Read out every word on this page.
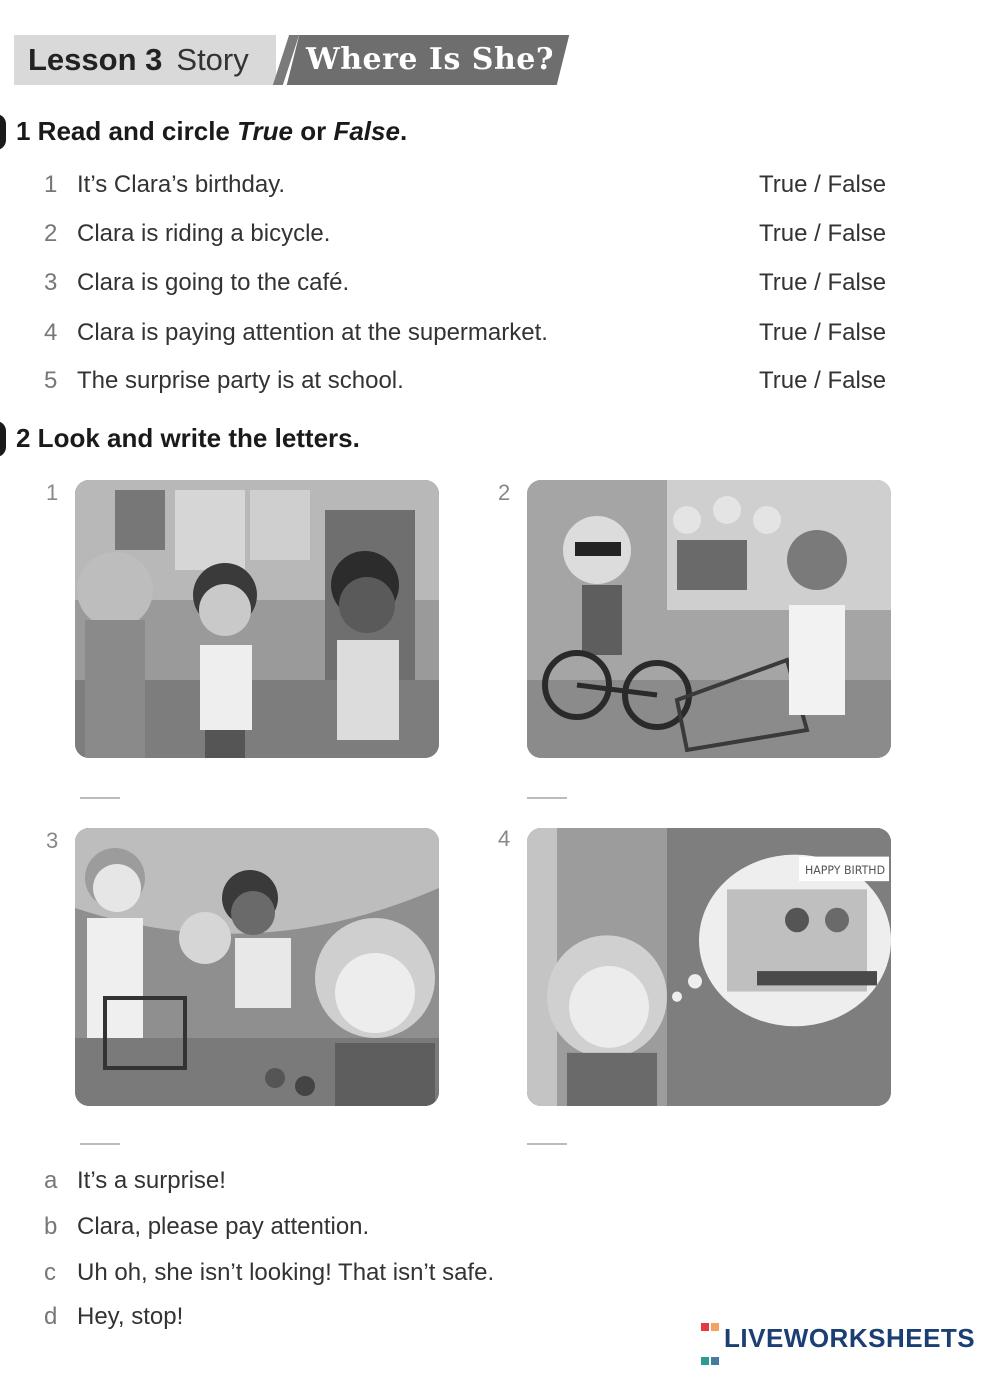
Lesson 3 Story Where Is She?
1 Read and circle True or False.
1 It’s Clara’s birthday.	True / False
2 Clara is riding a bicycle.	True / False
3 Clara is going to the café.	True / False
4 Clara is paying attention at the supermarket.	True / False
5 The surprise party is at school.	True / False
2 Look and write the letters.
1	2
3	4
HAPPY BIRTHD
a It’s a surprise!
b Clara, please pay attention.
c Uh oh, she isn’t looking! That isn’t safe.
d Hey, stop!

LIVEWORKSHEETS
